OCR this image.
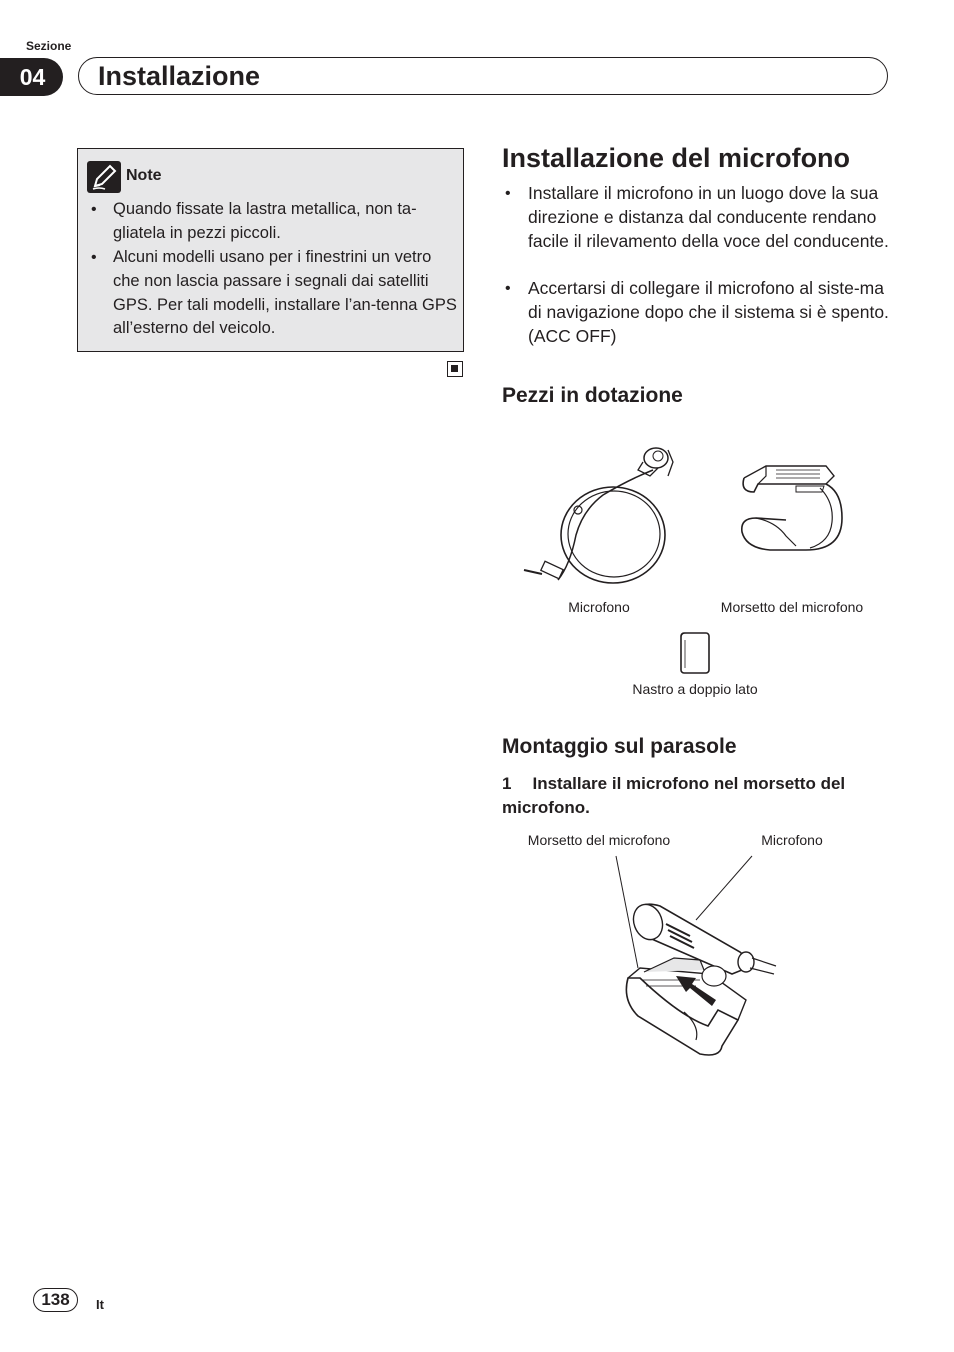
Sezione
04	Installazione
Note
• Quando fissate la lastra metallica, non ta-gliatela in pezzi piccoli.
• Alcuni modelli usano per i finestrini un vetro che non lascia passare i segnali dai satelliti GPS. Per tali modelli, installare l’an-tenna GPS all’esterno del veicolo.
Installazione del microfono
• Installare il microfono in un luogo dove la sua direzione e distanza dal conducente rendano facile il rilevamento della voce del conducente.
• Accertarsi di collegare il microfono al siste-ma di navigazione dopo che il sistema si è spento. (ACC OFF)
Pezzi in dotazione
Microfono	Morsetto del microfono
Nastro a doppio lato
Montaggio sul parasole
1 Installare il microfono nel morsetto del microfono.
Morsetto del microfono	Microfono
138	It
